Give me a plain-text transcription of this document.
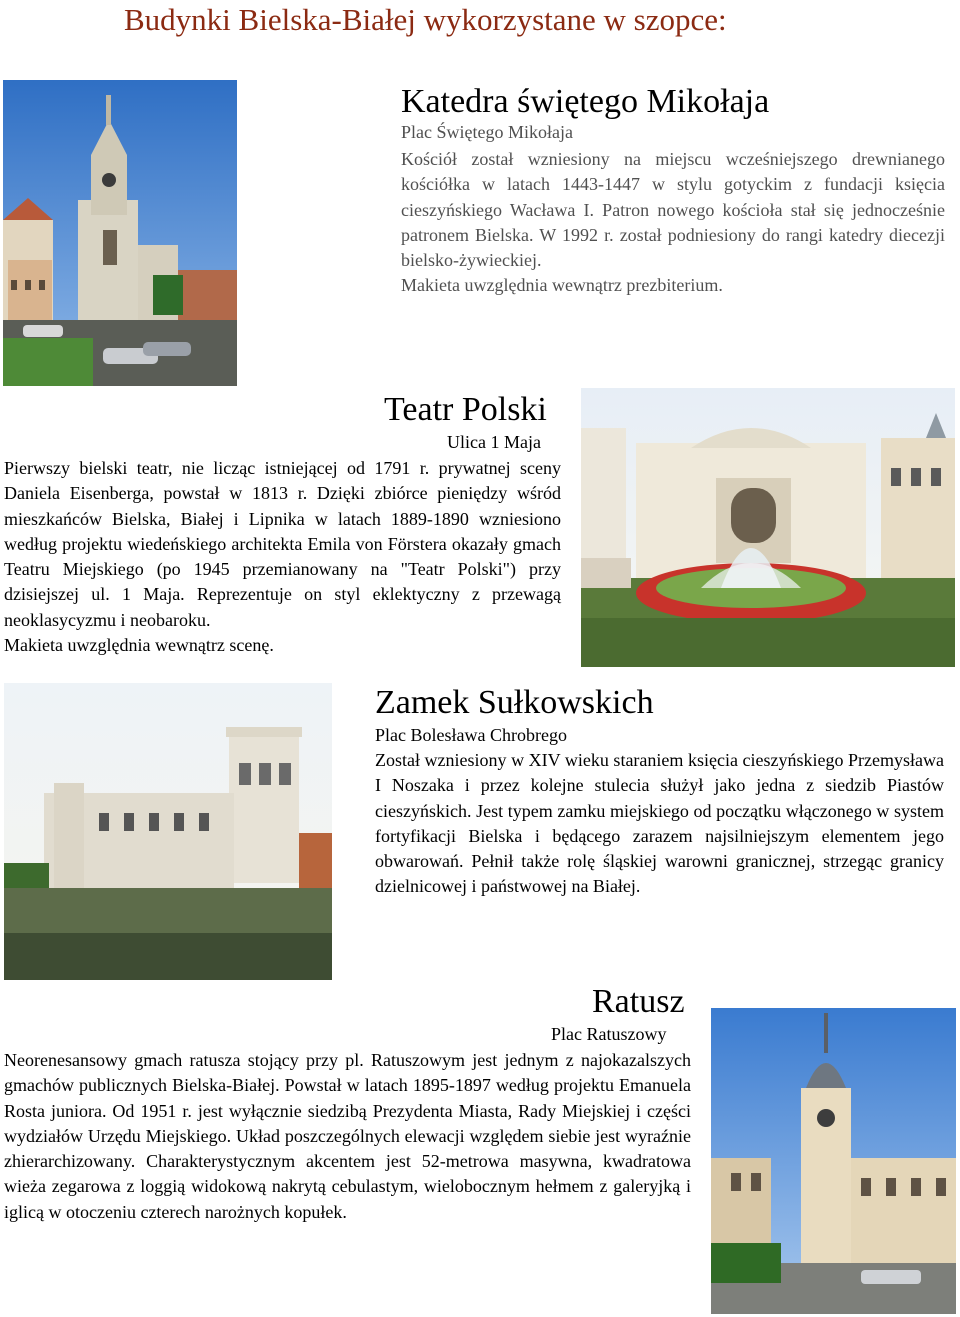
Budynki Bielska-Białej wykorzystane w szopce:
Katedra świętego Mikołaja
Plac Świętego Mikołaja

Kościół został wzniesiony na miejscu wcześniejszego drewnianego kościółka w latach 1443-1447 w stylu gotyckim z fundacji księcia cieszyńskiego Wacława I. Patron nowego kościoła stał się jednocześnie patronem Bielska. W 1992 r. został podniesiony do rangi katedry diecezji bielsko-żywieckiej.

Makieta uwzględnia wewnątrz prezbiterium.

Teatr Polski
Ulica 1 Maja

Pierwszy bielski teatr, nie licząc istniejącej od 1791 r. prywatnej sceny Daniela Eisenberga, powstał w 1813 r. Dzięki zbiórce pieniędzy wśród mieszkańców Bielska, Białej i Lipnika w latach 1889-1890 wzniesiono według projektu wiedeńskiego architekta Emila von Förstera okazały gmach Teatru Miejskiego (po 1945 przemianowany na "Teatr Polski") przy dzisiejszej ul. 1 Maja. Reprezentuje on styl eklektyczny z przewagą neoklasycyzmu i neobaroku.

Makieta uwzględnia wewnątrz scenę.

Zamek Sułkowskich
Plac Bolesława Chrobrego

Został wzniesiony w XIV wieku staraniem księcia cieszyńskiego Przemysława I Noszaka i przez kolejne stulecia służył jako jedna z siedzib Piastów cieszyńskich. Jest typem zamku miejskiego od początku włączonego w system fortyfikacji Bielska i będącego zarazem najsilniejszym elementem jego obwarowań. Pełnił także rolę śląskiej warowni granicznej, strzegąc granicy dzielnicowej i państwowej na Białej.

Ratusz
Plac Ratuszowy

Neorenesansowy gmach ratusza stojący przy pl. Ratuszowym jest jednym z najokazalszych gmachów publicznych Bielska-Białej. Powstał w latach 1895-1897 według projektu Emanuela Rosta juniora. Od 1951 r. jest wyłącznie siedzibą Prezydenta Miasta, Rady Miejskiej i części wydziałów Urzędu Miejskiego. Układ poszczególnych elewacji względem siebie jest wyraźnie zhierarchizowany. Charakterystycznym akcentem jest 52-metrowa masywna, kwadratowa wieża zegarowa z loggią widokową nakrytą cebulastym, wielobocznym hełmem z galeryjką i iglicą w otoczeniu czterech narożnych kopułek.
